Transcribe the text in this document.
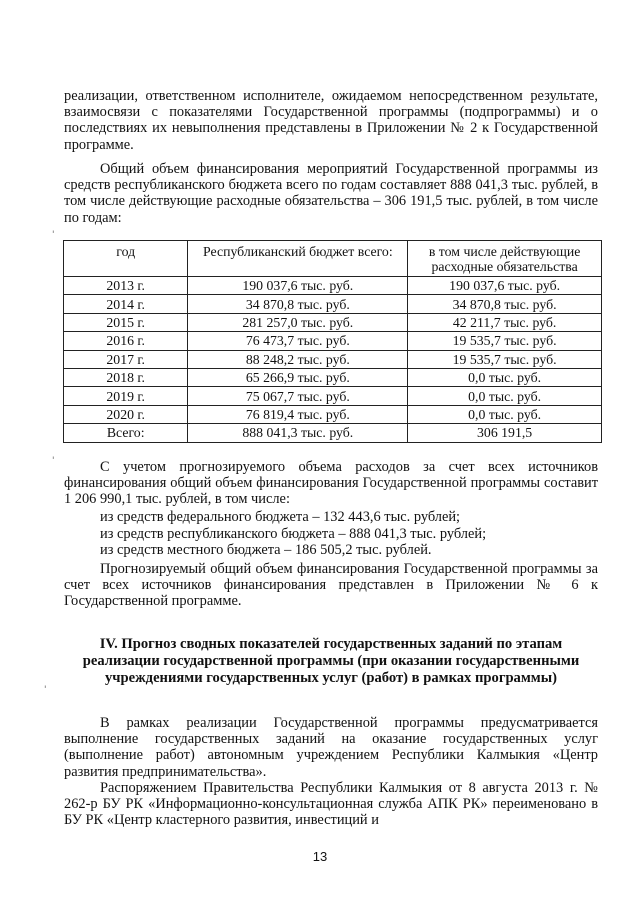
реализации, ответственном исполнителе, ожидаемом непосредственном результате, взаимосвязи с показателями Государственной программы (подпрограммы) и о последствиях их невыполнения представлены в Приложении № 2 к Государственной программе.

Общий объем финансирования мероприятий Государственной программы из средств республиканского бюджета всего по годам составляет 888 041,3 тыс. рублей, в том числе действующие расходные обязательства – 306 191,5 тыс. рублей, в том числе по годам:

'
год	Республиканский бюджет всего:	в том числе действующие расходные обязательства
2013 г.	190 037,6 тыс. руб.	190 037,6 тыс. руб.
2014 г.	34 870,8 тыс. руб.	34 870,8 тыс. руб.
2015 г.	281 257,0 тыс. руб.	42 211,7 тыс. руб.
2016 г.	76 473,7 тыс. руб.	19 535,7 тыс. руб.
2017 г.	88 248,2 тыс. руб.	19 535,7 тыс. руб.
2018 г.	65 266,9 тыс. руб.	0,0 тыс. руб.
2019 г.	75 067,7 тыс. руб.	0,0 тыс. руб.
2020 г.	76 819,4 тыс. руб.	0,0 тыс. руб.
Всего:	888 041,3 тыс. руб.	306 191,5
'	С учетом прогнозируемого объема расходов за счет всех источников финансирования общий объем финансирования Государственной программы составит 1 206 990,1 тыс. рублей, в том числе:

из средств федерального бюджета – 132 443,6 тыс. рублей;
из средств республиканского бюджета – 888 041,3 тыс. рублей;
из средств местного бюджета – 186 505,2 тыс. рублей.

Прогнозируемый общий объем финансирования Государственной программы за счет всех источников финансирования представлен в Приложении № 6 к Государственной программе.

IV. Прогноз сводных показателей государственных заданий по этапам реализации государственной программы (при оказании государственными учреждениями государственных услуг (работ) в рамках программы)
'

В рамках реализации Государственной программы предусматривается выполнение государственных заданий на оказание государственных услуг (выполнение работ) автономным учреждением Республики Калмыкия «Центр развития предпринимательства».

Распоряжением Правительства Республики Калмыкия от 8 августа 2013 г. № 262-р БУ РК «Информационно-консультационная служба АПК РК» переименовано в БУ РК «Центр кластерного развития, инвестиций и

13
